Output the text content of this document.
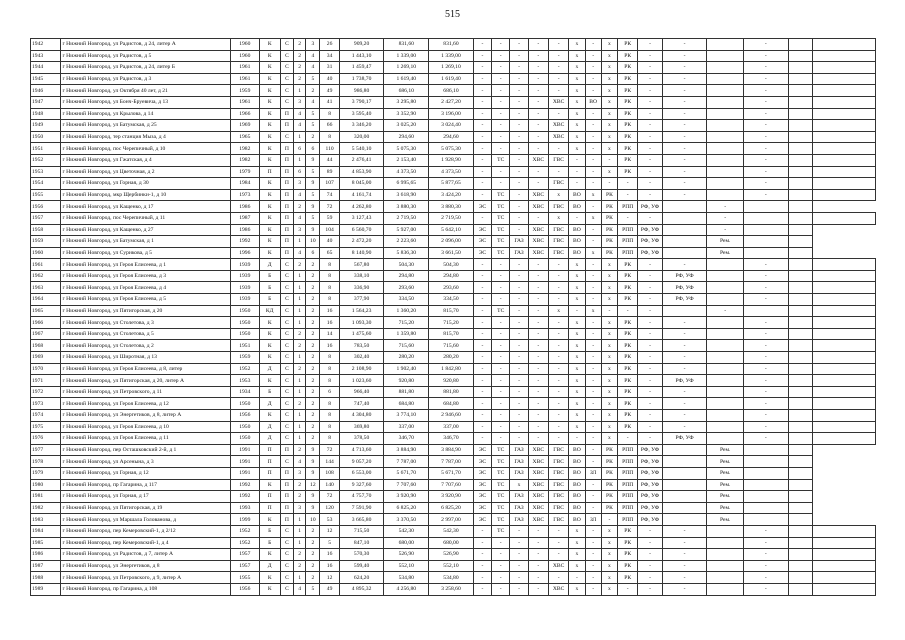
515
1942	г Нижний Новгород, ул Радистов, д 24, литер А	1960	К	С	2	3	26	909,20	831,60	831,60	-	-	-	-	-	х	-	х	РК	-	-		-		
1943	г Нижний Новгород, ул Радистов, д 5	1960	К	С	2	4	34	1 443,10	1 339,00	1 339,00	-	-	-	-	-	х	-	х	РК	-	-		-		
1944	г Нижний Новгород, ул Радистов, д 24, литер Б	1961	К	С	2	4	31	1 459,47	1 269,10	1 269,10	-	-	-	-	-	х	-	х	РК	-	-		-		
1945	г Нижний Новгород, ул Радистов, д 3	1961	К	С	2	5	40	1 738,70	1 619,40	1 619,40	-	-	-	-	-	х	-	х	РК	-	-		-		
1946	г Нижний Новгород, ул Октября 40 лет, д 21	1959	К	С	1	2	49	986,80	686,10	686,10	-	-	-	-	-	х	-	х	РК	-	-		-		
1947	г Нижний Новгород, ул Бонч-Бруевича, д 13	1961	К	С	3	4	41	3 790,17	3 295,80	2 427,20	-	-	-	-	ХВС	х	ВО	х	РК	-	-		-		
1948	г Нижний Новгород, ул Крылова, д 14	1966	К	П	4	5	8	3 595,40	3 352,90	3 196,00	-	-	-	-	-	х	-	х	РК	-	-		-		
1949	г Нижний Новгород, ул Батумская, д 25	1969	К	П	4	5	66	3 346,20	3 025,20	3 024,40	-	-	-	-	ХВС	х	-	х	РК	-	-		-		
1950	г Нижний Новгород, тер станция Мыза, д 4	1965	К	С	1	2	8	320,00	294,60	294,60	-	-	-	-	ХВС	х	-	х	РК	-	-		-		
1951	г Нижний Новгород, пос Черепичный, д 10	1982	К	П	6	6	110	5 540,10	5 075,30	5 075,30	-	-	-	-	-	х	-	х	РК	-	-		-		
1952	г Нижний Новгород, ул Гжатская, д 4	1982	К	П	1	9	44	2 476,41	2 153,40	1 928,90	-	ТС	-	ХВС	ГВС	-	-	-	РК	-	-		-		
1953	г Нижний Новгород, ул Цветочная, д 2	1979	П	П	6	5	89	4 853,90	4 373,50	4 373,50	-	-	-	-	-	-	-	х	РК	-	-		-		
1954	г Нижний Новгород, ул Горная, д 30	1984	К	П	3	9	107	8 045,00	6 995,65	5 877,65	-	-	-	-	ГВС	-	-	-	-	-	-		-		
1955	г Нижний Новгород, мкр Щербинки-1, д 10	1973	К	П	4	5	74	4 161,74	3 618,90	3 424,20	-	ТС	-	ХВС	х	ВО	х	РК	-	-	-		-		
1956	г Нижний Новгород, ул Кащенко, д 17	1986	К	П	2	9	72	4 262,80	3 880,30	3 880,30	ЭС	ТС	-	ХВС	ГВС	ВО	-	РК	РПП	РФ, УФ		-			
1957	г Нижний Новгород, пос Черепичный, д 11	1987	К	П	4	5	59	3 127,43	2 719,50	2 719,50	-	ТС	-	-	х	-	х	РК	-	-		-			
1958	г Нижний Новгород, ул Кащенко, д 27	1986	К	П	3	9	104	6 560,70	5 927,00	5 642,10	ЭС	ТС	-	ХВС	ГВС	ВО	-	РК	РПП	РФ, УФ		-			
1959	г Нижний Новгород, ул Батумская, д 1	1992	К	П	1	10	40	2 472,20	2 223,60	2 096,00	ЭС	ТС	ГАЗ	ХВС	ГВС	ВО	-	РК	РПП	РФ, УФ		Рем.			
1960	г Нижний Новгород, ул Сурикова, д 5	1996	К	П	4	6	65	8 140,90	5 836,30	3 661,50	ЭС	ТС	ГАЗ	ХВС	ГВС	ВО	х	РК	РПП	РФ, УФ		Рем.			
1961	г Нижний Новгород, ул Героя Елисеева, д 1	1939	Д	С	2	2	8	567,80	504,30	504,30	-	-	-	-	-	х	-	х	РК	-	-		-		
1962	г Нижний Новгород, ул Героя Елисеева, д 3	1939	Б	С	1	2	8	338,10	294,80	294,80	-	-	-	-	-	х	-	х	РК	-	РФ, УФ		-		
1963	г Нижний Новгород, ул Героя Елисеева, д 4	1939	Б	С	1	2	8	336,90	293,60	293,60	-	-	-	-	-	х	-	х	РК	-	РФ, УФ		-		
1964	г Нижний Новгород, ул Героя Елисеева, д 5	1939	Б	С	1	2	8	377,90	334,50	334,50	-	-	-	-	-	х	-	х	РК	-	РФ, УФ		-		
1965	г Нижний Новгород, ул Пятигорская, д 20	1950	КД	С	1	2	16	1 564,23	1 360,20	815,70	-	ТС	-	-	х	-	х	-	-	-		-			
1966	г Нижний Новгород, ул Столетова, д 3	1950	К	С	1	2	16	1 093,30	715,20	715,20	-	-	-	-	-	х	-	х	РК	-	-		-		
1967	г Нижний Новгород, ул Столетова, д 5	1950	К	С	2	2	14	1 475,60	1 359,80	815,70	-	-	-	-	-	х	-	х	РК	-	-		-		
1968	г Нижний Новгород, ул Столетова, д 2	1951	К	С	2	2	16	783,50	715,60	715,60	-	-	-	-	-	х	-	х	РК	-	-		-		
1969	г Нижний Новгород, ул Широтная, д 13	1959	К	С	1	2	8	302,40	280,20	280,20	-	-	-	-	-	х	-	х	РК	-	-		-		
1970	г Нижний Новгород, ул Героя Елисеева, д 8, литер	1952	Д	С	2	2	8	2 108,90	1 902,40	1 842,80	-	-	-	-	-	х	-	х	РК	-	-		-		
1971	г Нижний Новгород, ул Пятигорская, д 20, литер А	1953	К	С	1	2	8	1 023,60	920,80	920,80	-	-	-	-	-	х	-	х	РК	-	РФ, УФ		-		
1972	г Нижний Новгород, ул Петровского, д 11	1934	Б	С	1	2	6	966,40	881,80	881,80	-	-	-	-	-	х	-	х	РК	-	-		-		
1973	г Нижний Новгород, ул Героя Елисеева, д 12	1950	Д	С	2	2	8	747,40	684,80	684,80	-	-	-	-	-	х	-	х	РК	-	-		-		
1974	г Нижний Новгород, ул Энергетиков, д 8, литер А	1956	К	С	1	2	8	4 304,80	3 774,10	2 946,60	-	-	-	-	-	х	-	х	РК	-	-		-		
1975	г Нижний Новгород, ул Героя Елисеева, д 10	1950	Д	С	1	2	8	369,80	337,00	337,00	-	-	-	-	-	х	-	х	РК	-	-		-		
1976	г Нижний Новгород, ул Героя Елисеева, д 11	1950	Д	С	1	2	8	378,50	346,70	346,70	-	-	-	-	-	-	-	х	-	-	РФ, УФ		-		
1977	г Нижний Новгород, пер Осташковский 2-й, д 1	1991	П	П	2	9	72	4 713,60	3 884,90	3 884,90	ЭС	ТС	ГАЗ	ХВС	ГВС	ВО	-	РК	РПП	РФ, УФ		Рем.			
1978	г Нижний Новгород, ул Арсенына, д 3	1991	П	С	4	9	144	9 057,20	7 787,00	7 787,00	ЭС	ТС	ГАЗ	ХВС	ГВС	ВО	-	РК	РПП	РФ, УФ		Рем.			
1979	г Нижний Новгород, ул Горная, д 12	1991	П	П	3	9	108	6 553,00	5 671,70	5 671,70	ЭС	ТС	ГАЗ	ХВС	ГВС	ВО	ЗЛ	РК	РПП	РФ, УФ		Рем.			
1980	г Нижний Новгород, пр Гагарина, д 117	1992	К	П	2	12	140	9 327,60	7 707,60	7 707,60	ЭС	ТС	х	ХВС	ГВС	ВО	-	РК	РПП	РФ, УФ		Рем.			
1981	г Нижний Новгород, ул Горная, д 17	1992	П	П	2	9	72	4 757,70	3 920,90	3 920,90	ЭС	ТС	ГАЗ	ХВС	ГВС	ВО	-	РК	РПП	РФ, УФ		Рем.			
1982	г Нижний Новгород, ул Пятигорская, д 19	1993	П	П	3	9	120	7 591,90	6 825,20	6 825,20	ЭС	ТС	ГАЗ	ХВС	ГВС	ВО	-	РК	РПП	РФ, УФ		Рем.			
1983	г Нижний Новгород, ул Маршала Голованова, д	1999	К	П	1	10	53	3 665,80	3 370,50	2 997,00	ЭС	ТС	ГАЗ	ХВС	ГВС	ВО	ЗЛ	-	РПП	РФ, УФ		Рем.			
1984	г Нижний Новгород, пер Кемеровский-1, д 2/12	1952	Б	С	1	2	12	715,50	542,30	542,30	-	ТС	-	-	-	х	-	х	РК	-	-		-		
1985	г Нижний Новгород, пер Кемеровский-1, д 4	1952	Б	С	1	2	5	847,10	680,00	680,00	-	-	-	-	-	х	-	х	РК	-	-		-		
1986	г Нижний Новгород, ул Радистов, д 7, литер А	1957	К	С	2	2	16	570,30	526,90	526,90	-	-	-	-	-	х	-	х	РК	-	-		-		
1987	г Нижний Новгород, ул Энергетиков, д 8	1957	Д	С	2	2	16	599,40	552,10	552,10	-	-	-	-	ХВС	х	-	х	РК	-	-		-		
1988	г Нижний Новгород, ул Петровского, д 9, литер А	1955	К	С	1	2	12	624,20	534,80	534,80	-	-	-	-	-	-	-	х	РК	-	-		-		
1989	г Нижний Новгород, пр Гагарина, д 108	1956	К	С	4	5	49	4 895,32	4 256,80	3 258,60	-	-	-	-	ХВС	х	-	х	-	-	-		-		
